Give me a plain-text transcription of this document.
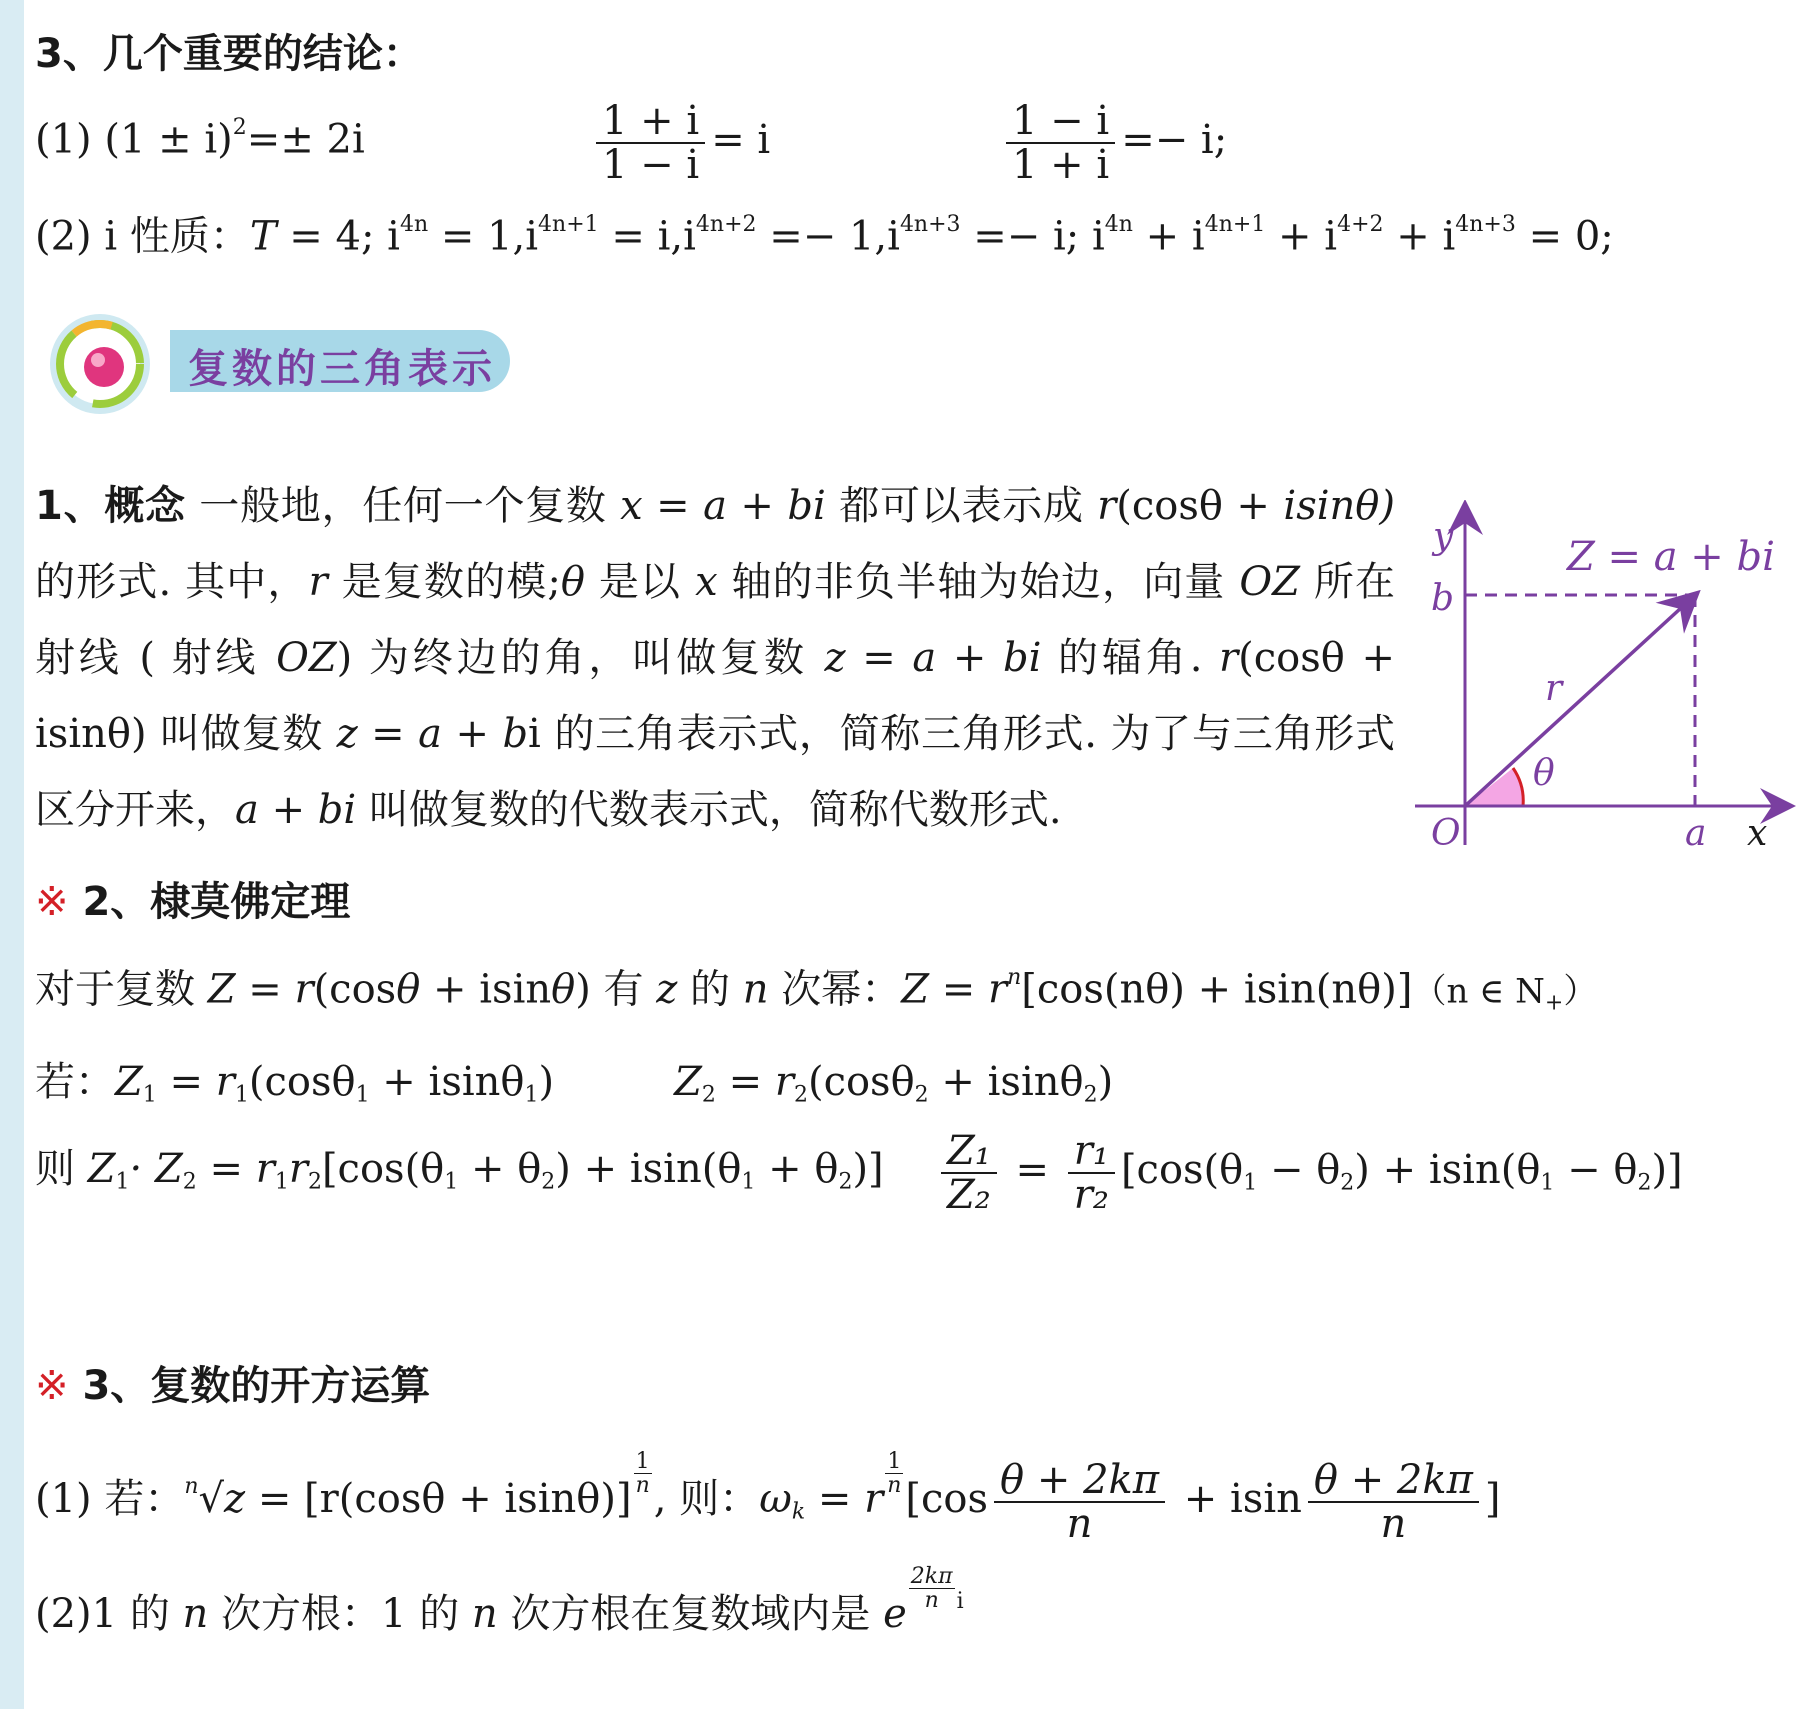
3、几个重要的结论：
(1) $(1 \pm i)^2=\pm 2i$	$\frac{1 + i}{1 - i} = i$	$\frac{1 - i}{1 + i} =- i$;
(2) i 性质：T = 4; $i^{4n} = 1,i^{4n+1} = i,i^{4n+2} =- 1,i^{4n+3} =- i$; $i^{4n} + i^{4n+1} + i^{4+2} + i^{4n+3} = 0$;
复数的三角表示
1、概念 一般地，任何一个复数 x = a + bi 都可以表示成 r(cosθ + isinθ) 的形式. 其中，r 是复数的模;θ 是以 x 轴的非负半轴为始边，向量 OZ 所在射线 ( 射线 OZ) 为终边的角，叫做复数 z = a + bi 的辐角. r(cosθ + isinθ) 叫做复数 z = a + bi 的三角表示式，简称三角形式. 为了与三角形式区分开来，a + bi 叫做复数的代数表示式，简称代数形式.
y
b
O	a x
r
θ
Z = a + bi
※ 2、棣莫佛定理
对于复数 Z = r(cosθ + isinθ) 有 z 的 n 次幂：$Z = r^n[\cos(n\theta) + isin(n\theta)](n$ ∈ $N_+$）
若：$Z_1 = r_1(\cos\theta_1 + isin\theta_1)$	$Z_2 = r_2(\cos\theta_2 + isin\theta_2)$
则 $Z_1\cdot Z_2 = r_1r_2[\cos(\theta_1 + \theta_2) + isin(\theta_1 + \theta_2)] \frac{\text{Z₁}}{\text{Z₂}} = \frac{\text{r₁}}{\text{r₂}} [\cos(\theta_1 - \theta_2) + isin(\theta_1 - \theta_2)]$
※ 3、复数的开方运算
(1) 若：$^n$√z = [r(cosθ + isinθ)]
$\frac{1}{n}$
, 则：$\omega_k = r$
$\frac{1}{n}$
[$\cos \frac{\theta + 2k\pi}{n} + isin \frac{\theta + 2k\pi}{n}$ ]
(2)1 的 n 次方根：1 的 n 次方根在复数域内是 e
$\frac{2k\pi}{n} ^i$
